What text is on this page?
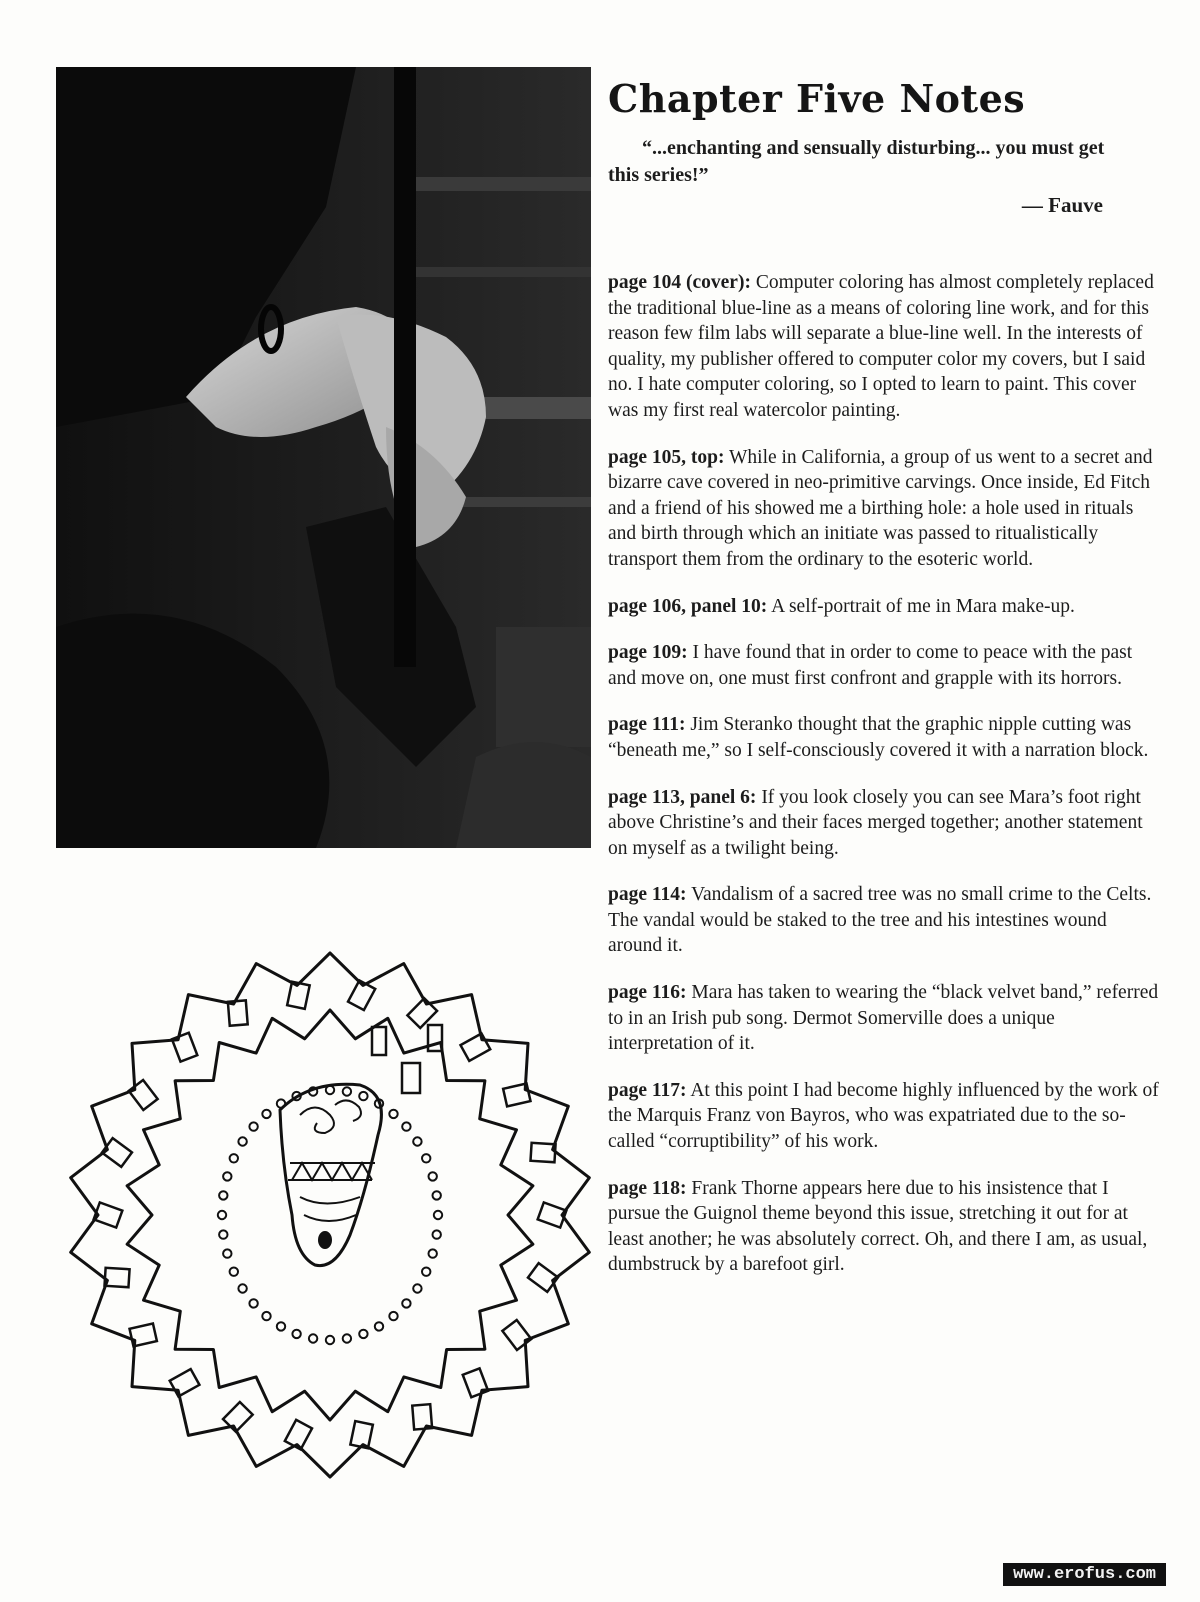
Chapter Five Notes

“...enchanting and sensually disturbing... you must get this series!”

— Fauve

page 104 (cover): Computer coloring has almost completely replaced the traditional blue-line as a means of coloring line work, and for this reason few film labs will separate a blue-line well. In the interests of quality, my publisher offered to computer color my covers, but I said no. I hate computer coloring, so I opted to learn to paint. This cover was my first real watercolor painting.

page 105, top: While in California, a group of us went to a secret and bizarre cave covered in neo-primitive carvings. Once inside, Ed Fitch and a friend of his showed me a birthing hole: a hole used in rituals and birth through which an initiate was passed to ritualistically transport them from the ordinary to the esoteric world.

page 106, panel 10: A self-portrait of me in Mara make-up.

page 109: I have found that in order to come to peace with the past and move on, one must first confront and grapple with its horrors.

page 111: Jim Steranko thought that the graphic nipple cutting was “beneath me,” so I self-consciously covered it with a narration block.

page 113, panel 6: If you look closely you can see Mara’s foot right above Christine’s and their faces merged together; another statement on myself as a twilight being.

page 114: Vandalism of a sacred tree was no small crime to the Celts. The vandal would be staked to the tree and his intestines wound around it.

page 116: Mara has taken to wearing the “black velvet band,” referred to in an Irish pub song. Dermot Somerville does a unique interpretation of it.

page 117: At this point I had become highly influenced by the work of the Marquis Franz von Bayros, who was expatriated due to the so-called “corruptibility” of his work.

page 118: Frank Thorne appears here due to his insistence that I pursue the Guignol theme beyond this issue, stretching it out for at least another; he was absolutely correct. Oh, and there I am, as usual, dumbstruck by a barefoot girl.

www.erofus.com
